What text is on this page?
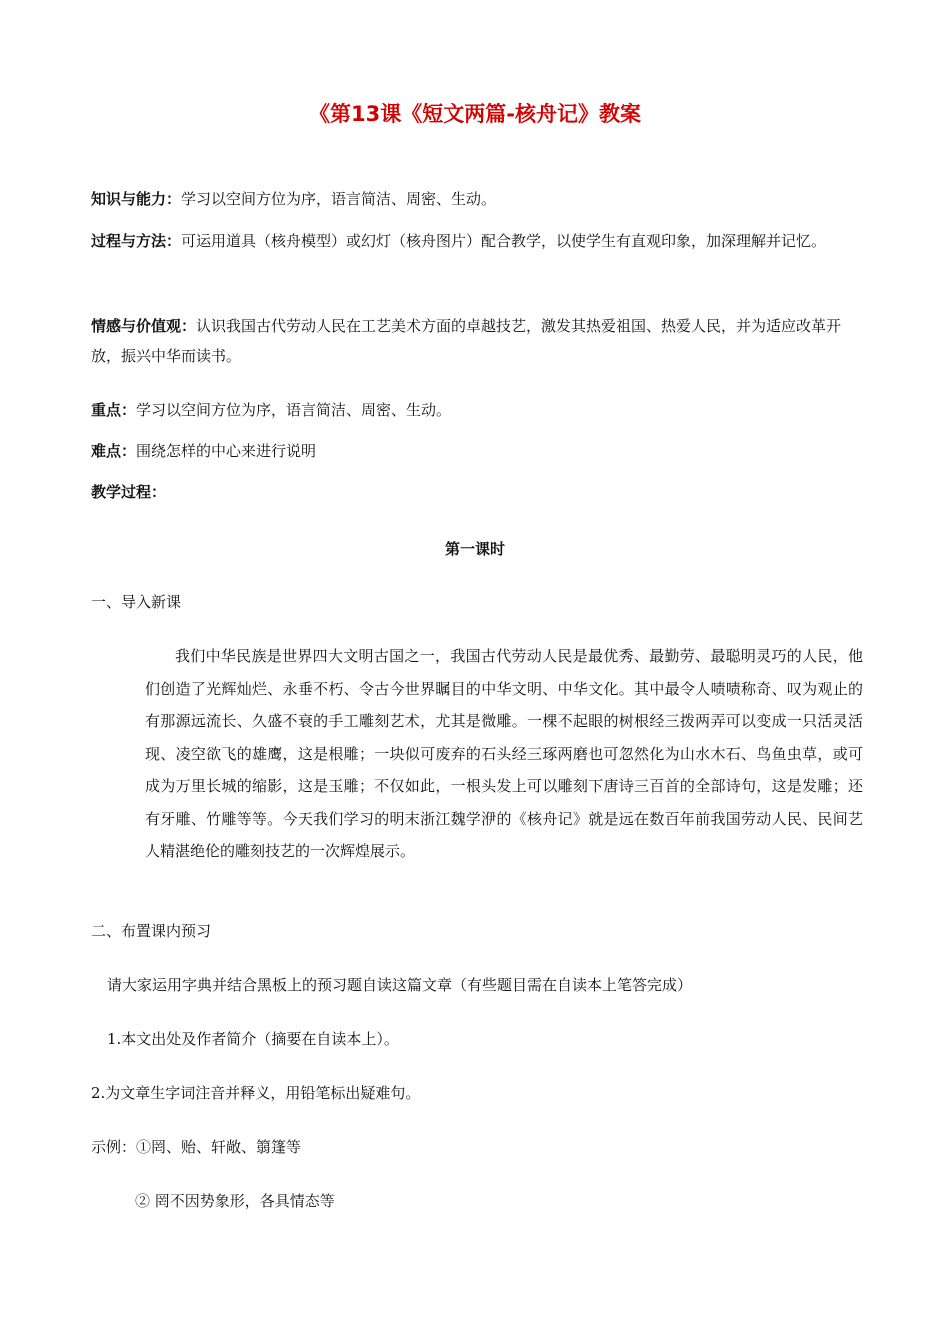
《第13课《短文两篇-核舟记》教案

知识与能力：学习以空间方位为序，语言简洁、周密、生动。

过程与方法：可运用道具（核舟模型）或幻灯（核舟图片）配合教学，以使学生有直观印象，加深理解并记忆。

情感与价值观：认识我国古代劳动人民在工艺美术方面的卓越技艺，激发其热爱祖国、热爱人民，并为适应改革开放，振兴中华而读书。

重点：学习以空间方位为序，语言简洁、周密、生动。

难点：围绕怎样的中心来进行说明

教学过程：

第一课时

一、导入新课

我们中华民族是世界四大文明古国之一，我国古代劳动人民是最优秀、最勤劳、最聪明灵巧的人民，他们创造了光辉灿烂、永垂不朽、令古今世界瞩目的中华文明、中华文化。其中最令人啧啧称奇、叹为观止的有那源远流长、久盛不衰的手工雕刻艺术，尤其是微雕。一棵不起眼的树根经三拨两弄可以变成一只活灵活现、凌空欲飞的雄鹰，这是根雕；一块似可废弃的石头经三琢两磨也可忽然化为山水木石、鸟鱼虫草，或可成为万里长城的缩影，这是玉雕；不仅如此，一根头发上可以雕刻下唐诗三百首的全部诗句，这是发雕；还有牙雕、竹雕等等。今天我们学习的明末浙江魏学洢的《核舟记》就是远在数百年前我国劳动人民、民间艺人精湛绝伦的雕刻技艺的一次辉煌展示。

二、布置课内预习

请大家运用字典并结合黑板上的预习题自读这篇文章（有些题目需在自读本上笔答完成）

1.本文出处及作者简介（摘要在自读本上）。

2.为文章生字词注音并释义，用铅笔标出疑难句。

示例：①罔、贻、轩敞、篛篷等

② 罔不因势象形，各具情态等
